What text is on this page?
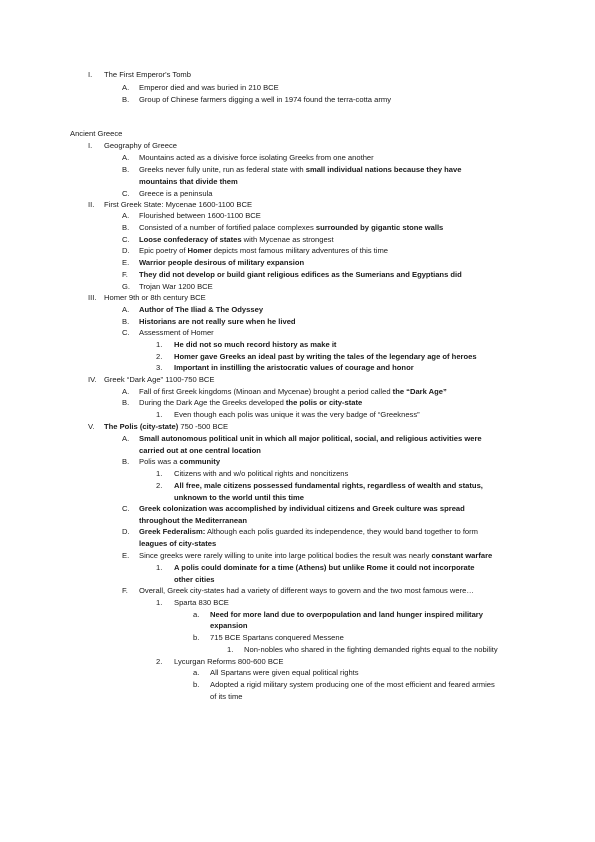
I. The First Emperor's Tomb
A. Emperor died and was buried in 210 BCE
B. Group of Chinese farmers digging a well in 1974 found the terra-cotta army
Ancient Greece
I. Geography of Greece
A. Mountains acted as a divisive force isolating Greeks from one another
B. Greeks never fully unite, run as federal state with small individual nations because they have
mountains that divide them
C. Greece is a peninsula
II. First Greek State: Mycenae 1600-1100 BCE
A. Flourished between 1600-1100 BCE
B. Consisted of a number of fortified palace complexes surrounded by gigantic stone walls
C. Loose confederacy of states with Mycenae as strongest
D. Epic poetry of Homer depicts most famous military adventures of this time
E. Warrior people desirous of military expansion
F. They did not develop or build giant religious edifices as the Sumerians and Egyptians did
G. Trojan War 1200 BCE
III. Homer 9th or 8th century BCE
A. Author of The Iliad & The Odyssey
B. Historians are not really sure when he lived
C. Assessment of Homer
1. He did not so much record history as make it
2. Homer gave Greeks an ideal past by writing the tales of the legendary age of heroes
3. Important in instilling the aristocratic values of courage and honor
IV. Greek “Dark Age” 1100-750 BCE
A. Fall of first Greek kingdoms (Minoan and Mycenae) brought a period called the “Dark Age”
B. During the Dark Age the Greeks developed the polis or city-state
1. Even though each polis was unique it was the very badge of “Greekness”
V. The Polis (city-state) 750 -500 BCE
A. Small autonomous political unit in which all major political, social, and religious activities were
carried out at one central location
B. Polis was a community
1. Citizens with and w/o political rights and noncitizens
2. All free, male citizens possessed fundamental rights, regardless of wealth and status,
unknown to the world until this time
C. Greek colonization was accomplished by individual citizens and Greek culture was spread
throughout the Mediterranean
D. Greek Federalism: Although each polis guarded its independence, they would band together to form
leagues of city-states
E. Since greeks were rarely willing to unite into large political bodies the result was nearly constant warfare
1. A polis could dominate for a time (Athens) but unlike Rome it could not incorporate
other cities
F. Overall, Greek city-states had a variety of different ways to govern and the two most famous were…
1. Sparta 830 BCE
a. Need for more land due to overpopulation and land hunger inspired military
expansion
b. 715 BCE Spartans conquered Messene
1. Non-nobles who shared in the fighting demanded rights equal to the nobility
2. Lycurgan Reforms 800-600 BCE
a. All Spartans were given equal political rights
b. Adopted a rigid military system producing one of the most efficient and feared armies
of its time
